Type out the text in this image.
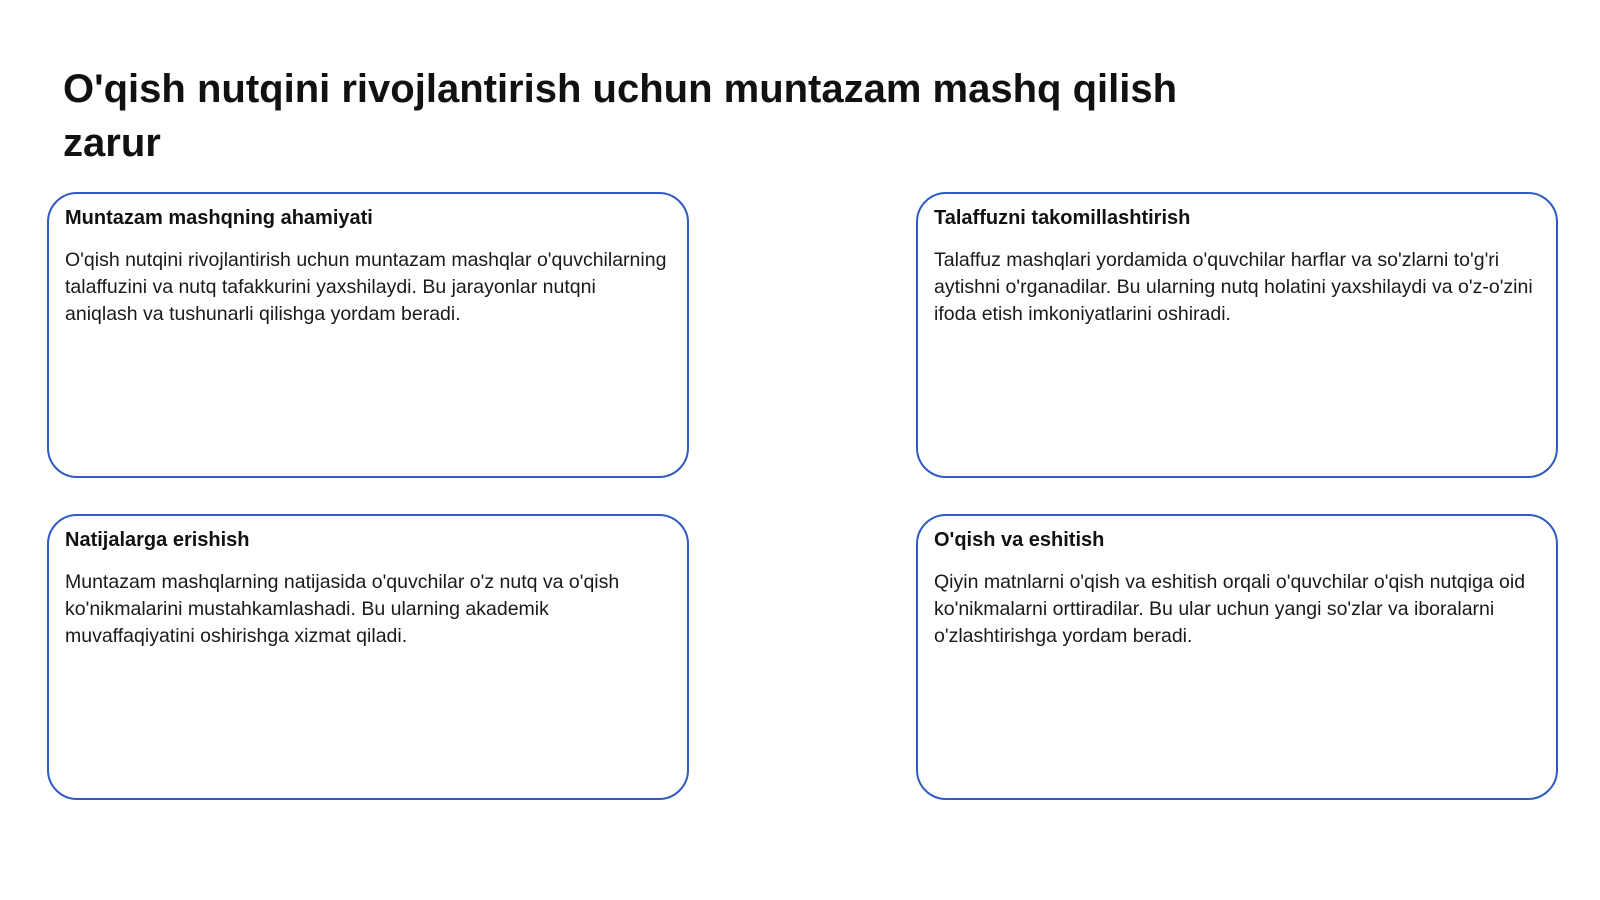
O'qish nutqini rivojlantirish uchun muntazam mashq qilish zarur
Muntazam mashqning ahamiyati

O'qish nutqini rivojlantirish uchun muntazam mashqlar o'quvchilarning talaffuzini va nutq tafakkurini yaxshilaydi. Bu jarayonlar nutqni aniqlash va tushunarli qilishga yordam beradi.

Talaffuzni takomillashtirish

Talaffuz mashqlari yordamida o'quvchilar harflar va so'zlarni to'g'ri aytishni o'rganadilar. Bu ularning nutq holatini yaxshilaydi va o'z-o'zini ifoda etish imkoniyatlarini oshiradi.

Natijalarga erishish

Muntazam mashqlarning natijasida o'quvchilar o'z nutq va o'qish ko'nikmalarini mustahkamlashadi. Bu ularning akademik muvaffaqiyatini oshirishga xizmat qiladi.

O'qish va eshitish

Qiyin matnlarni o'qish va eshitish orqali o'quvchilar o'qish nutqiga oid ko'nikmalarni orttiradilar. Bu ular uchun yangi so'zlar va iboralarni o'zlashtirishga yordam beradi.
